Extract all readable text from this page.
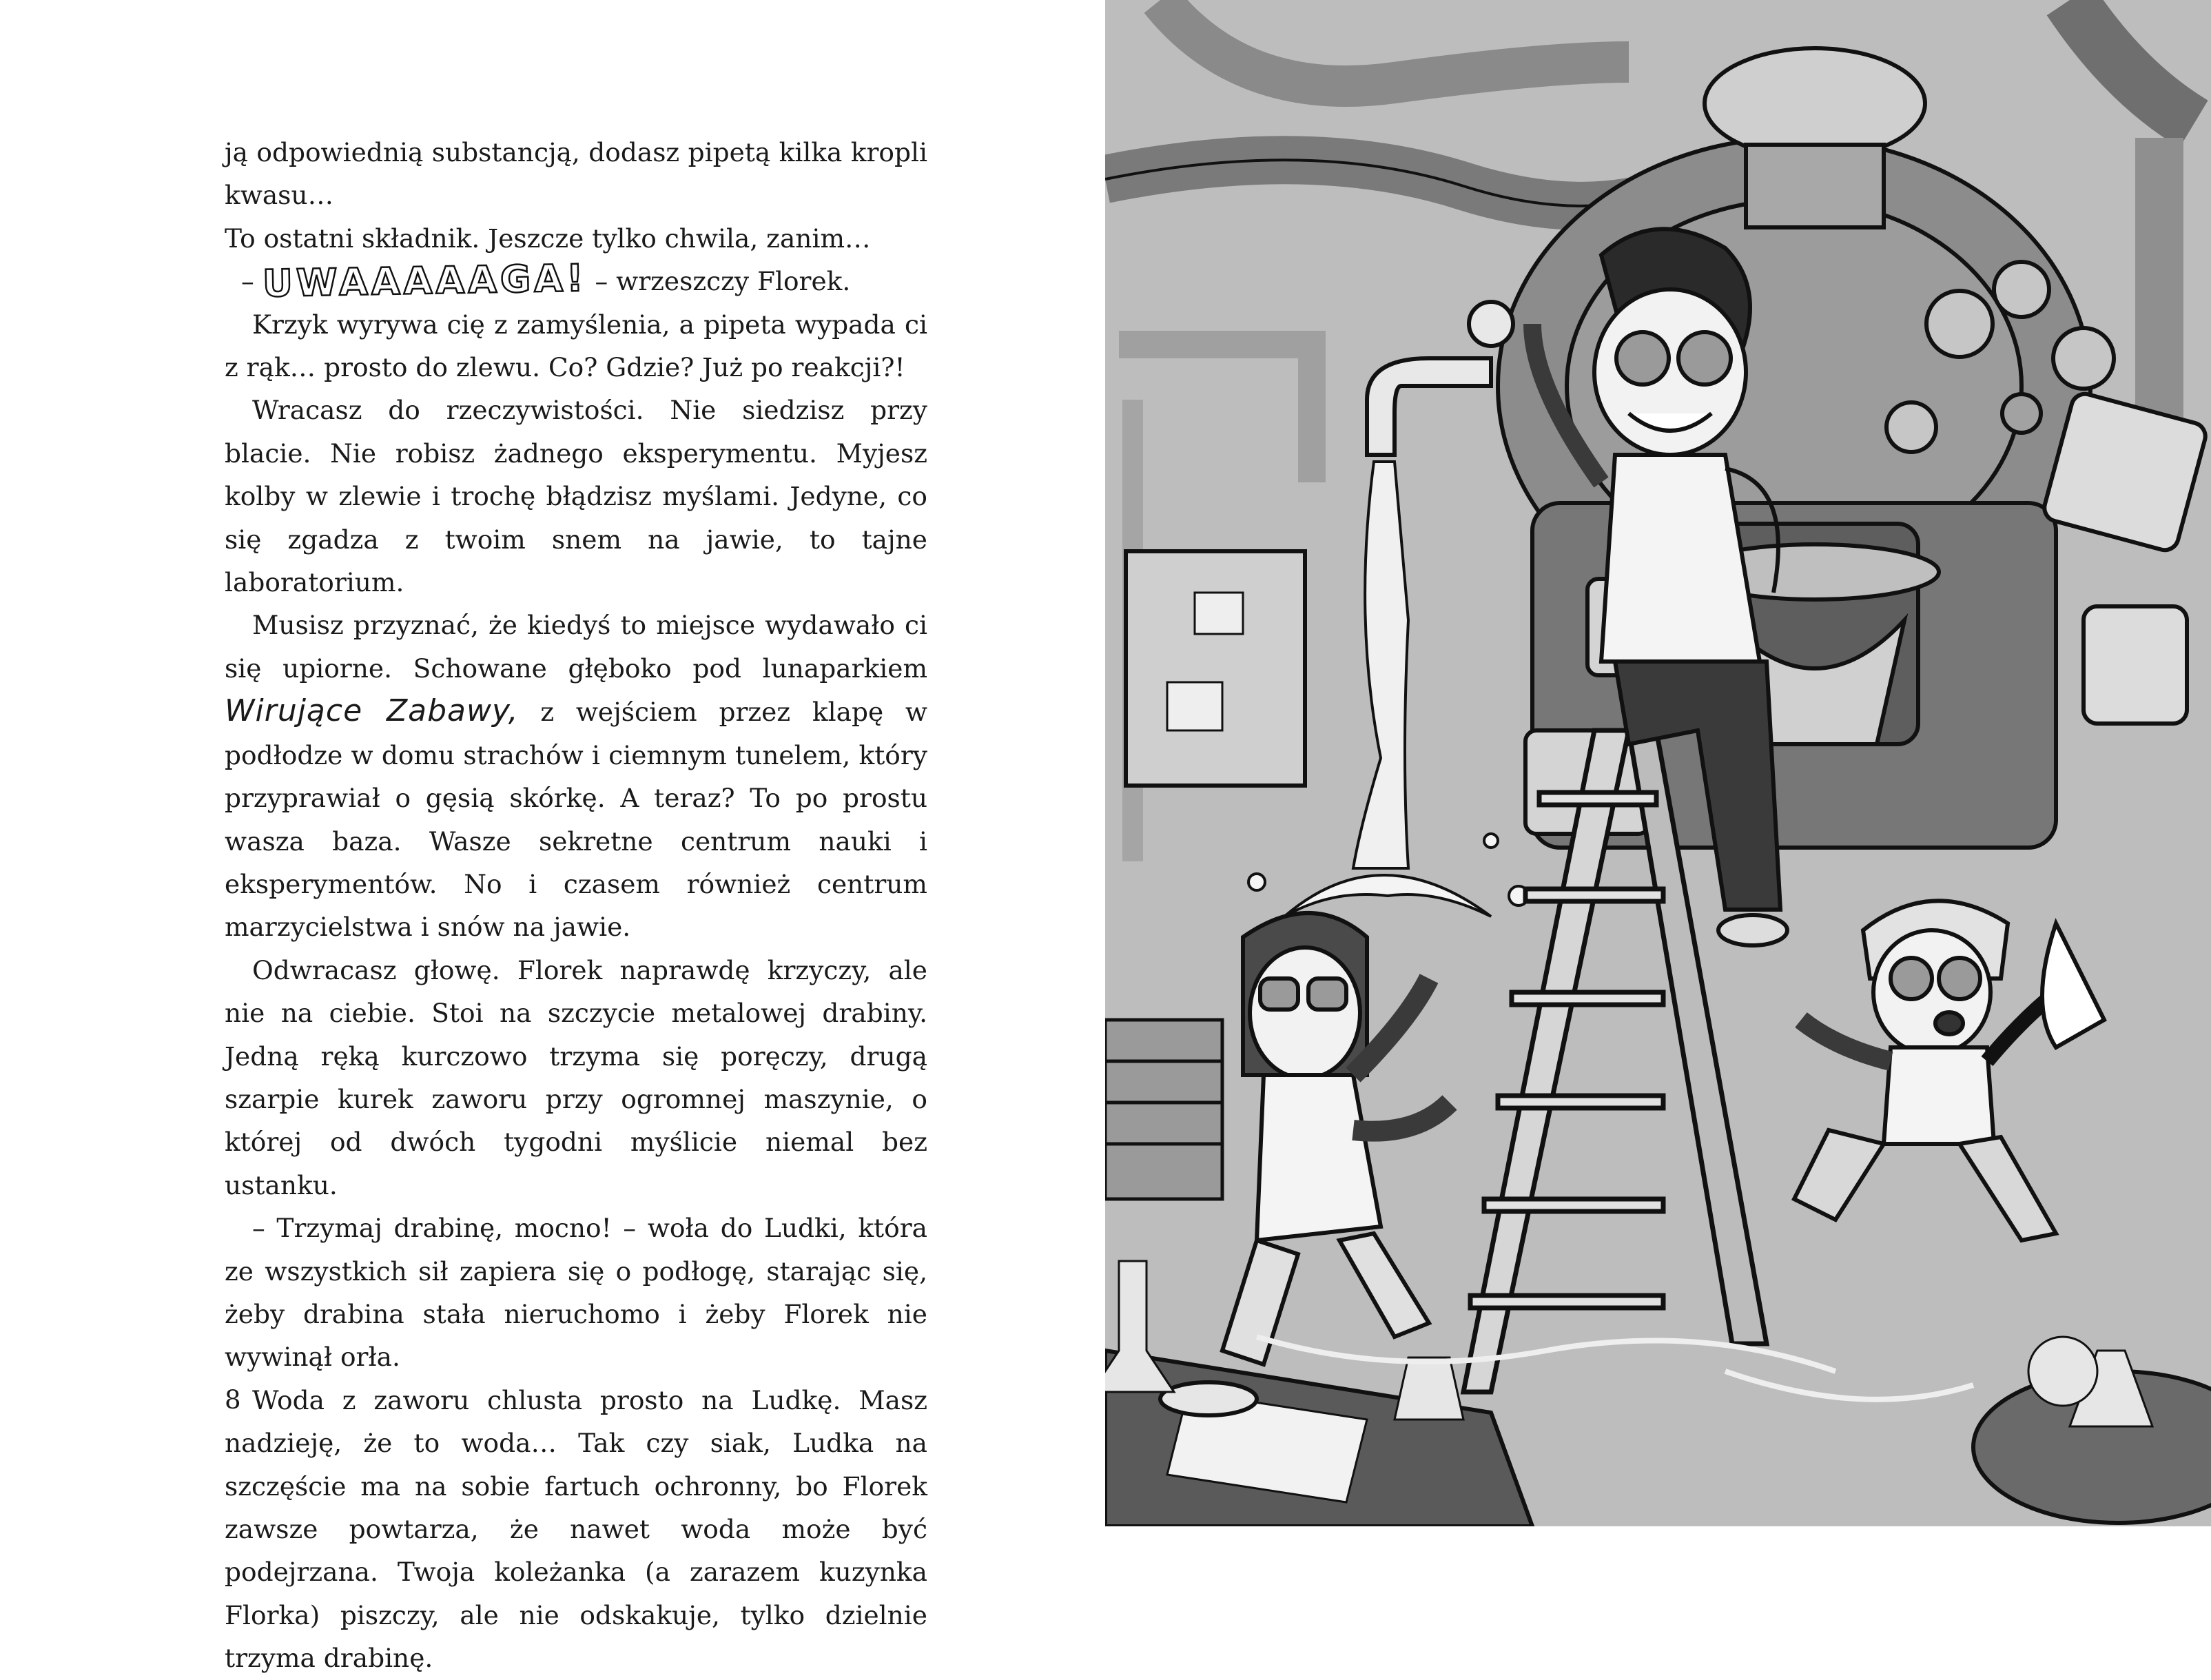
ją odpowiednią substancją, dodasz pipetą kilka kropli kwasu…

To ostatni składnik. Jeszcze tylko chwila, zanim…

– UWAAAAAGA! – wrzeszczy Florek.

Krzyk wyrywa cię z zamyślenia, a pipeta wypada ci z rąk… prosto do zlewu. Co? Gdzie? Już po reakcji?!

Wracasz do rzeczywistości. Nie siedzisz przy blacie. Nie robisz żadnego eksperymentu. Myjesz kolby w zlewie i trochę błądzisz myślami. Jedyne, co się zgadza z twoim snem na jawie, to tajne laboratorium.

Musisz przyznać, że kiedyś to miejsce wydawało ci się upiorne. Schowane głęboko pod lunaparkiem Wirujące Zabawy, z wejściem przez klapę w podłodze w domu strachów i ciemnym tunelem, który przyprawiał o gęsią skórkę. A teraz? To po prostu wasza baza. Wasze sekretne centrum nauki i eksperymentów. No i czasem również centrum marzycielstwa i snów na jawie.

Odwracasz głowę. Florek naprawdę krzyczy, ale nie na ciebie. Stoi na szczycie metalowej drabiny. Jedną ręką kurczowo trzyma się poręczy, drugą szarpie kurek zaworu przy ogromnej maszynie, o której od dwóch tygodni myślicie niemal bez ustanku.

– Trzymaj drabinę, mocno! – woła do Ludki, która ze wszystkich sił zapiera się o podłogę, starając się, żeby drabina stała nieruchomo i żeby Florek nie wywinął orła.

Woda z zaworu chlusta prosto na Ludkę. Masz nadzieję, że to woda… Tak czy siak, Ludka na szczęście ma na sobie fartuch ochronny, bo Florek zawsze powtarza, że nawet woda może być podejrzana. Twoja koleżanka (a zarazem kuzynka Florka) piszczy, ale nie odskakuje, tylko dzielnie trzyma drabinę.

8
